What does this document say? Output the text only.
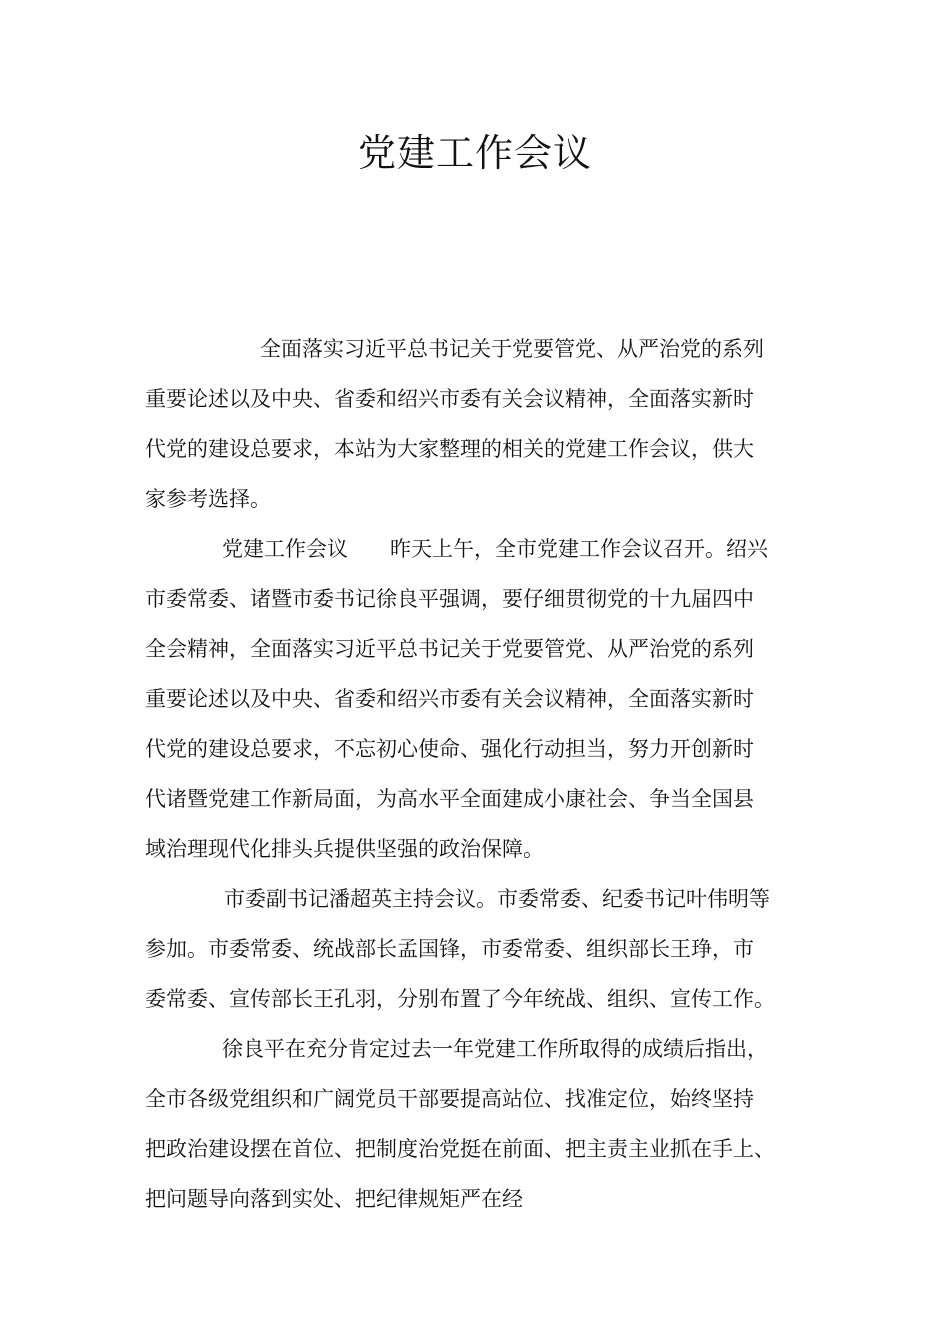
党建工作会议
全面落实习近平总书记关于党要管党、从严治党的系列
重要论述以及中央、省委和绍兴市委有关会议精神，全面落实新时
代党的建设总要求，本站为大家整理的相关的党建工作会议，供大
家参考选择。
党建工作会议 昨天上午，全市党建工作会议召开。绍兴
市委常委、诸暨市委书记徐良平强调，要仔细贯彻党的十九届四中
全会精神，全面落实习近平总书记关于党要管党、从严治党的系列
重要论述以及中央、省委和绍兴市委有关会议精神，全面落实新时
代党的建设总要求，不忘初心使命、强化行动担当，努力开创新时
代诸暨党建工作新局面，为高水平全面建成小康社会、争当全国县
域治理现代化排头兵提供坚强的政治保障。
市委副书记潘超英主持会议。市委常委、纪委书记叶伟明等
参加。市委常委、统战部长孟国锋，市委常委、组织部长王琤，市
委常委、宣传部长王孔羽，分别布置了今年统战、组织、宣传工作。
徐良平在充分肯定过去一年党建工作所取得的成绩后指出，
全市各级党组织和广阔党员干部要提高站位、找准定位，始终坚持
把政治建设摆在首位、把制度治党挺在前面、把主责主业抓在手上、
把问题导向落到实处、把纪律规矩严在经
